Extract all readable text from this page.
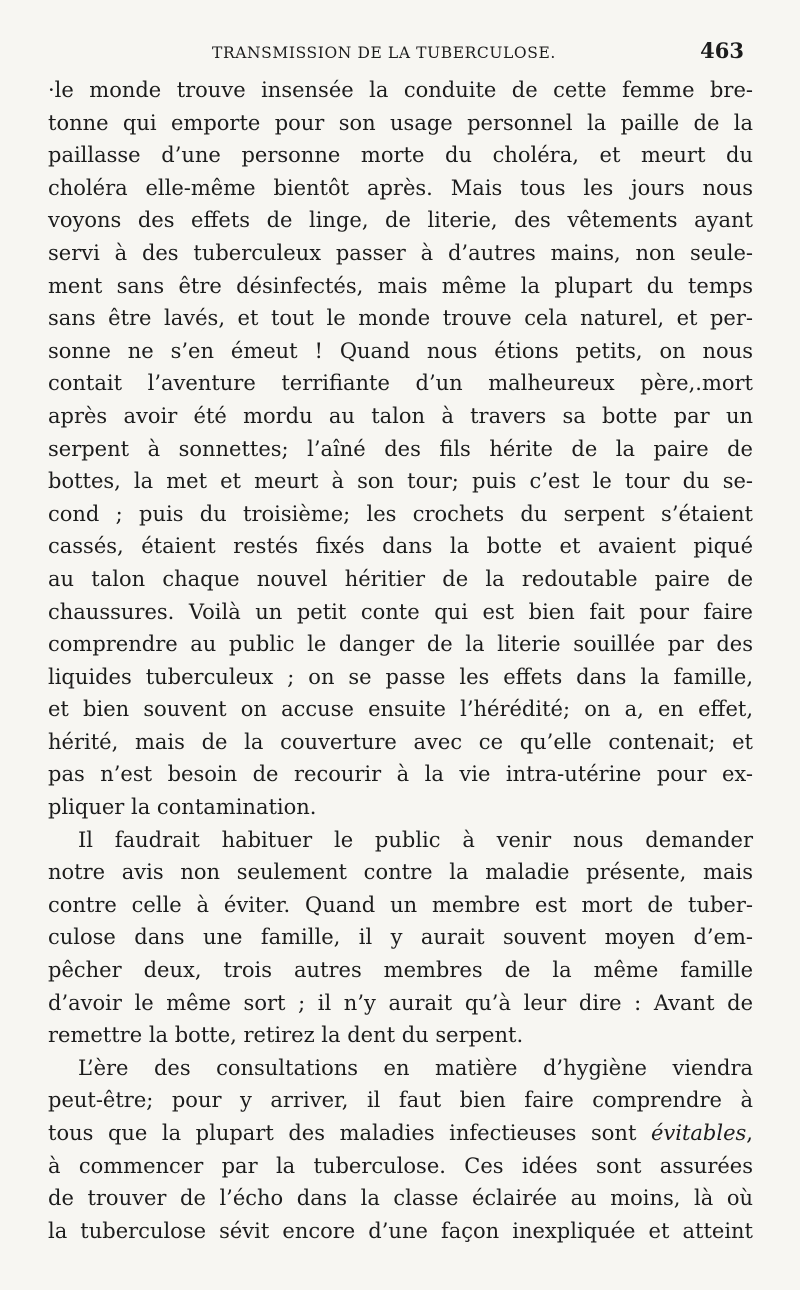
TRANSMISSION DE LA TUBERCULOSE.	463
·le monde trouve insensée la conduite de cette femme bre-
tonne qui emporte pour son usage personnel la paille de la
paillasse d’une personne morte du choléra, et meurt du
choléra elle-même bientôt après. Mais tous les jours nous
voyons des effets de linge, de literie, des vêtements ayant
servi à des tuberculeux passer à d’autres mains, non seule-
ment sans être désinfectés, mais même la plupart du temps
sans être lavés, et tout le monde trouve cela naturel, et per-
sonne ne s’en émeut ! Quand nous étions petits, on nous
contait l’aventure terrifiante d’un malheureux père,.mort
après avoir été mordu au talon à travers sa botte par un
serpent à sonnettes; l’aîné des fils hérite de la paire de
bottes, la met et meurt à son tour; puis c’est le tour du se-
cond ; puis du troisième; les crochets du serpent s’étaient
cassés, étaient restés fixés dans la botte et avaient piqué
au talon chaque nouvel héritier de la redoutable paire de
chaussures. Voilà un petit conte qui est bien fait pour faire
comprendre au public le danger de la literie souillée par des
liquides tuberculeux ; on se passe les effets dans la famille,
et bien souvent on accuse ensuite l’hérédité; on a, en effet,
hérité, mais de la couverture avec ce qu’elle contenait; et
pas n’est besoin de recourir à la vie intra-utérine pour ex-
pliquer la contamination.
Il faudrait habituer le public à venir nous demander
notre avis non seulement contre la maladie présente, mais
contre celle à éviter. Quand un membre est mort de tuber-
culose dans une famille, il y aurait souvent moyen d’em-
pêcher deux, trois autres membres de la même famille
d’avoir le même sort ; il n’y aurait qu’à leur dire : Avant de
remettre la botte, retirez la dent du serpent.
L’ère des consultations en matière d’hygiène viendra
peut-être; pour y arriver, il faut bien faire comprendre à
tous que la plupart des maladies infectieuses sont évitables,
à commencer par la tuberculose. Ces idées sont assurées
de trouver de l’écho dans la classe éclairée au moins, là où
la tuberculose sévit encore d’une façon inexpliquée et atteint
